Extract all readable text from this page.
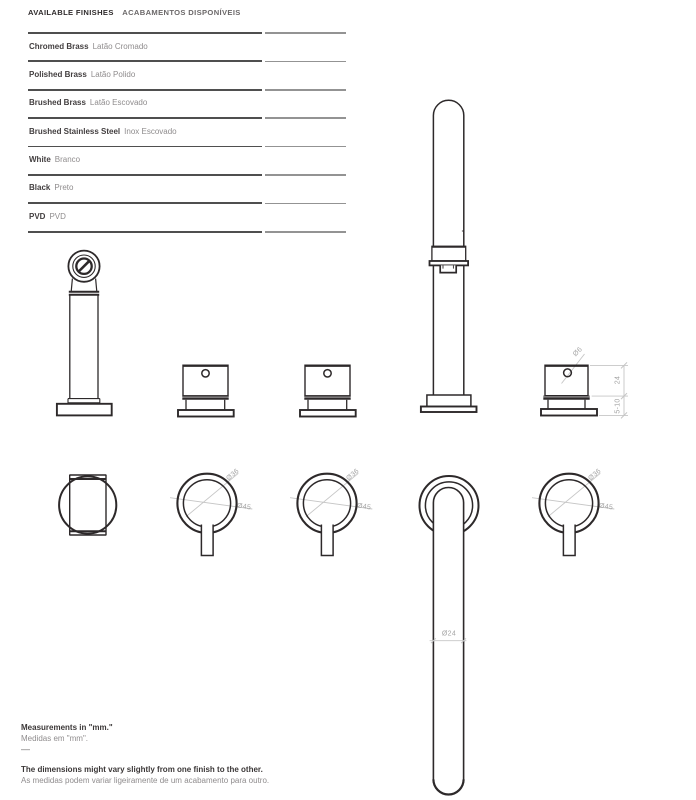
AVAILABLE FINISHES ACABAMENTOS DISPONÍVEIS
Chromed Brass Latão Cromado
Polished Brass Latão Polido
Brushed Brass Latão Escovado
Brushed Stainless Steel Inox Escovado
White Branco
Black Preto
PVD PVD
Ø6
24
5-10
Ø36
Ø45
Ø36
Ø45
Ø36
Ø45
Ø24
Measurements in "mm."
Medidas em "mm".
—
The dimensions might vary slightly from one finish to the other.
As medidas podem variar ligeiramente de um acabamento para outro.
